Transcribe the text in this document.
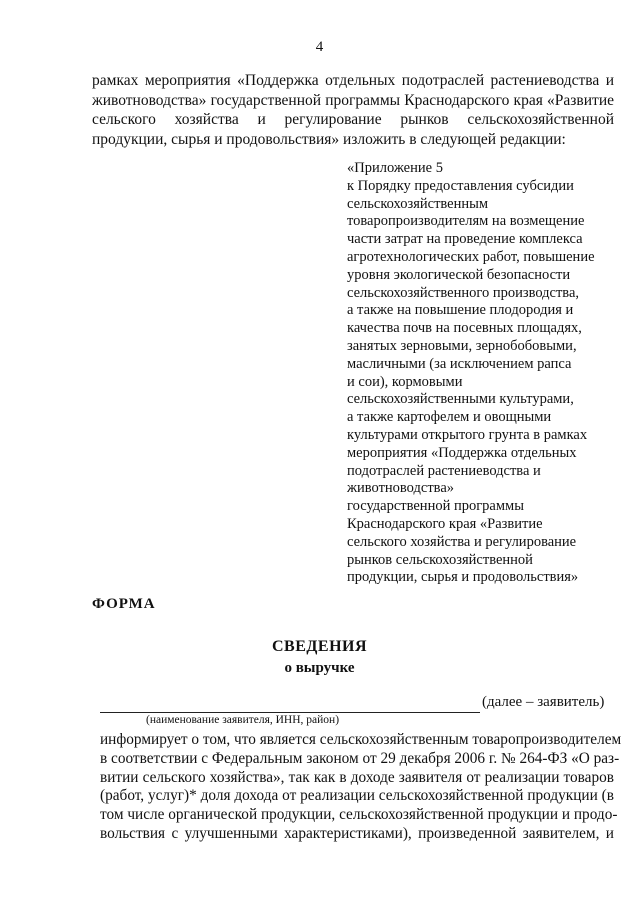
4

рамках мероприятия «Поддержка отдельных подотраслей растениеводства и животноводства» государственной программы Краснодарского края «Развитие сельского хозяйства и регулирование рынков сельскохозяйственной продукции, сырья и продовольствия» изложить в следующей редакции:

«Приложение 5
к Порядку предоставления субсидии
сельскохозяйственным
товаропроизводителям на возмещение
части затрат на проведение комплекса
агротехнологических работ, повышение
уровня экологической безопасности
сельскохозяйственного производства,
а также на повышение плодородия и
качества почв на посевных площадях,
занятых зерновыми, зернобобовыми,
масличными (за исключением рапса
и сои), кормовыми
сельскохозяйственными культурами,
а также картофелем и овощными
культурами открытого грунта в рамках
мероприятия «Поддержка отдельных
подотраслей растениеводства и
животноводства»
государственной программы
Краснодарского края «Развитие
сельского хозяйства и регулирование
рынков сельскохозяйственной
продукции, сырья и продовольствия»
ФОРМА
СВЕДЕНИЯ
о выручке
(далее – заявитель)
(наименование заявителя, ИНН, район)
информирует о том, что является сельскохозяйственным товаропроизводителем
в соответствии с Федеральным законом от 29 декабря 2006 г. № 264-ФЗ «О раз-
витии сельского хозяйства», так как в доходе заявителя от реализации товаров
(работ, услуг)* доля дохода от реализации сельскохозяйственной продукции (в
том числе органической продукции, сельскохозяйственной продукции и продо-
вольствия с улучшенными характеристиками), произведенной заявителем, и
